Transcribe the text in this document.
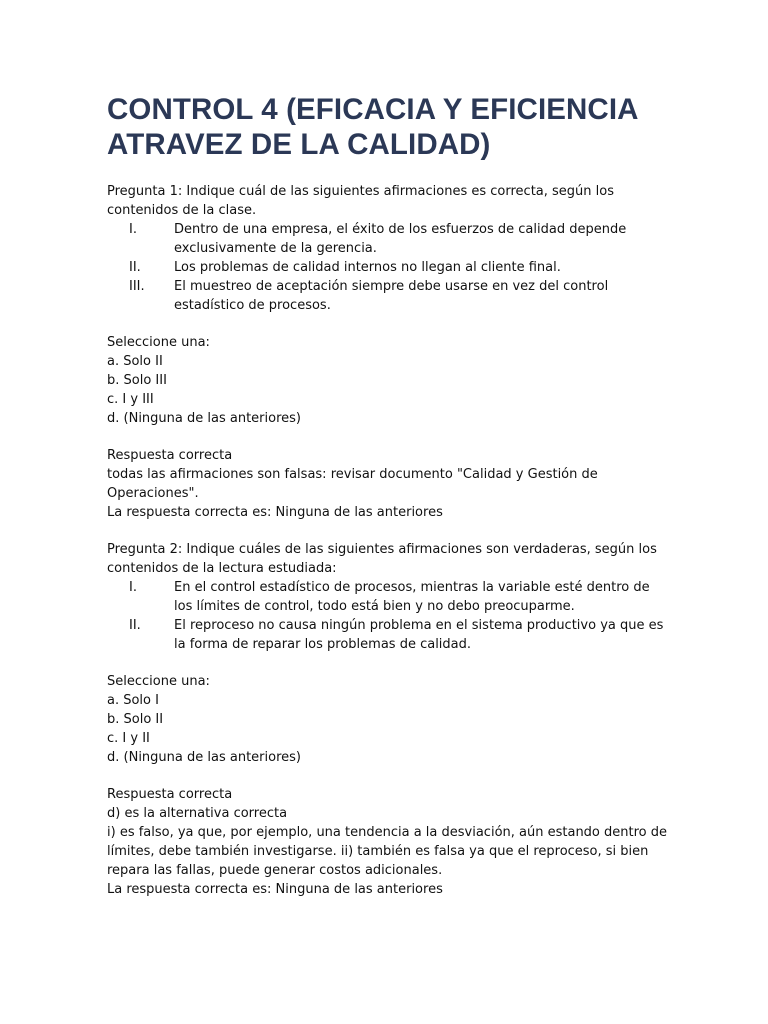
CONTROL 4 (EFICACIA Y EFICIENCIA ATRAVEZ DE LA CALIDAD)

Pregunta 1: Indique cuál de las siguientes afirmaciones es correcta, según los contenidos de la clase.

I.	Dentro de una empresa, el éxito de los esfuerzos de calidad depende exclusivamente de la gerencia.
II.	Los problemas de calidad internos no llegan al cliente final.
III.	El muestreo de aceptación siempre debe usarse en vez del control estadístico de procesos.

Seleccione una:

a. Solo II

b. Solo III

c. I y III

d. (Ninguna de las anteriores)

Respuesta correcta

todas las afirmaciones son falsas: revisar documento "Calidad y Gestión de Operaciones".

La respuesta correcta es: Ninguna de las anteriores

Pregunta 2: Indique cuáles de las siguientes afirmaciones son verdaderas, según los contenidos de la lectura estudiada:

I.	En el control estadístico de procesos, mientras la variable esté dentro de los límites de control, todo está bien y no debo preocuparme.
II.	El reproceso no causa ningún problema en el sistema productivo ya que es la forma de reparar los problemas de calidad.

Seleccione una:

a. Solo I

b. Solo II

c. I y II

d. (Ninguna de las anteriores)

Respuesta correcta

d) es la alternativa correcta

i) es falso, ya que, por ejemplo, una tendencia a la desviación, aún estando dentro de límites, debe también investigarse. ii) también es falsa ya que el reproceso, si bien repara las fallas, puede generar costos adicionales.

La respuesta correcta es: Ninguna de las anteriores
